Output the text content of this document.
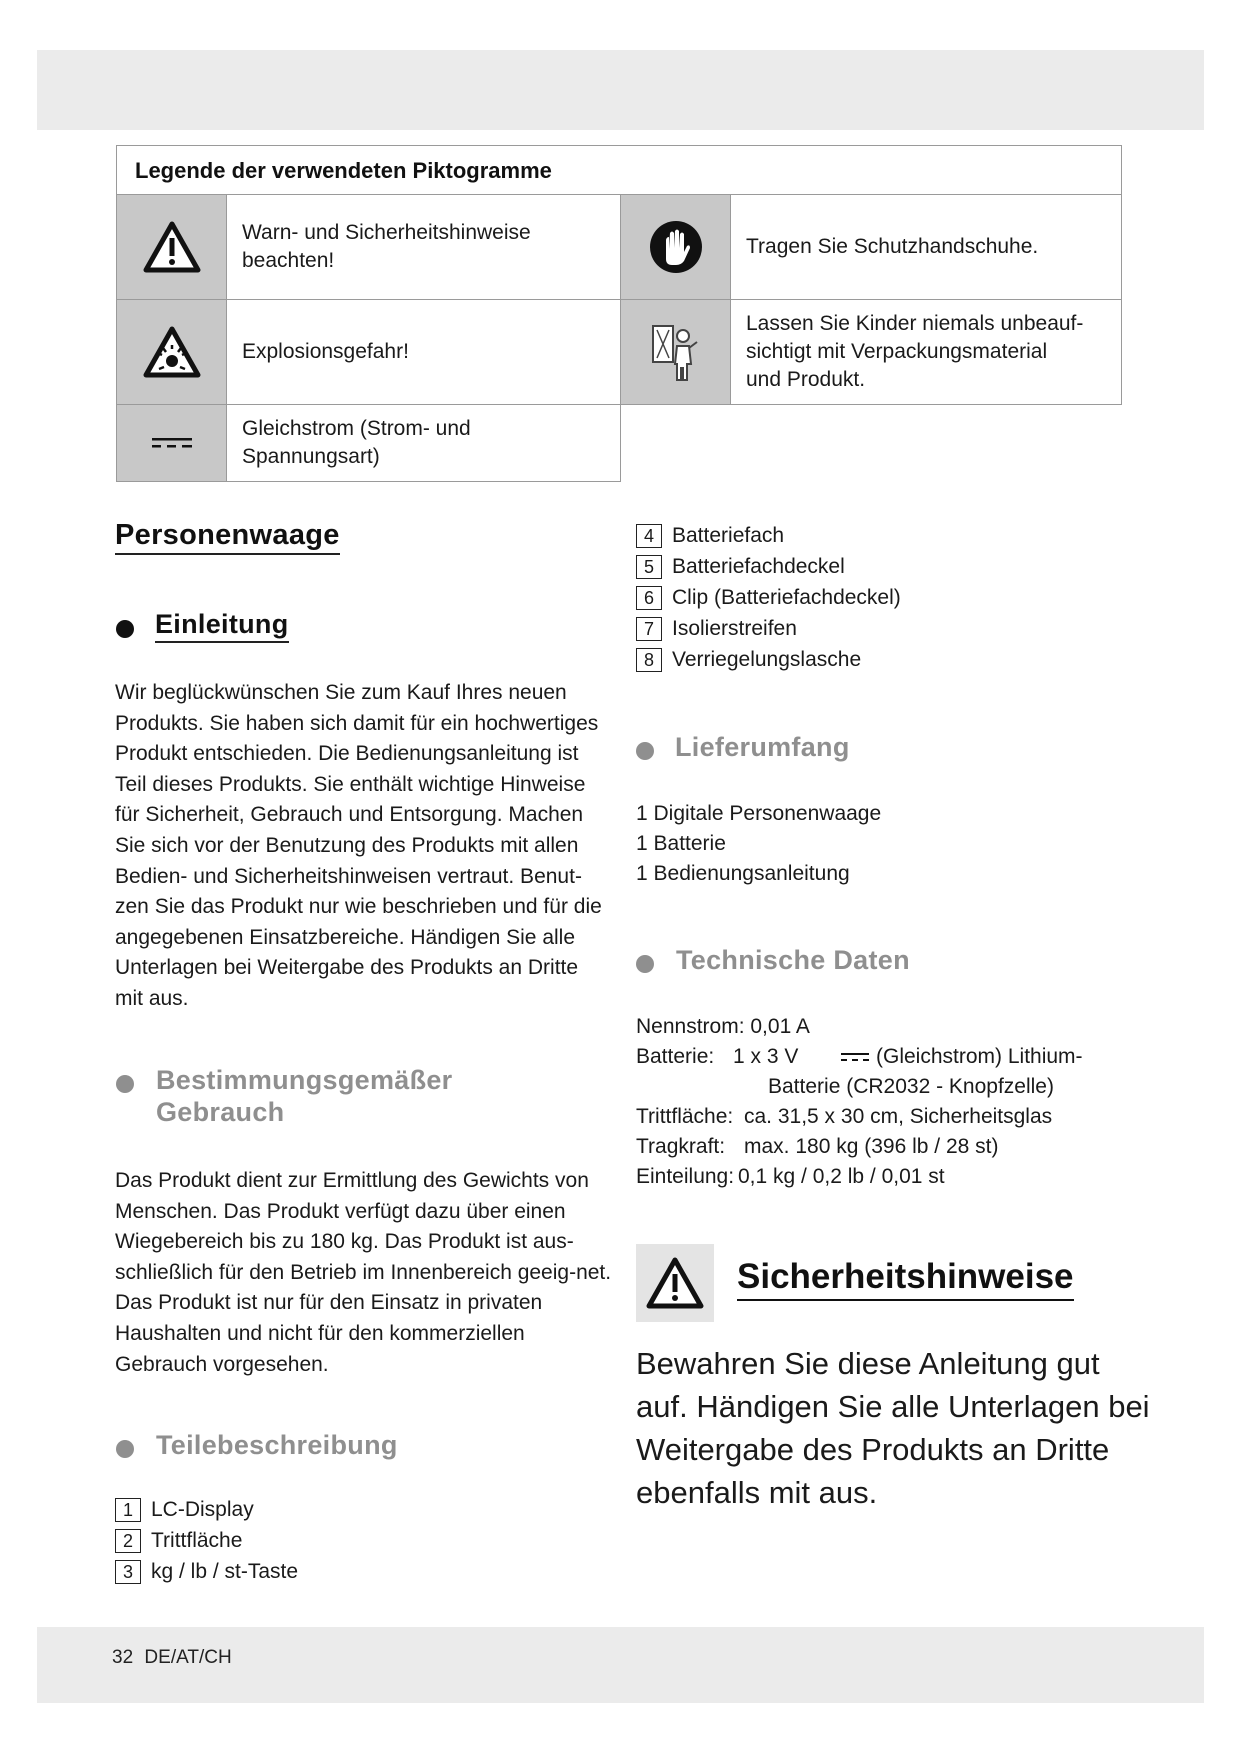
Legende der verwendeten Piktogramme
Warn- und Sicherheitshinweise beachten!
Tragen Sie Schutzhandschuhe.
Explosionsgefahr!
Lassen Sie Kinder niemals unbeauf-sichtigt mit Verpackungsmaterial und Produkt.
Gleichstrom (Strom- und Spannungsart)
Personenwaage
Einleitung

Wir beglückwünschen Sie zum Kauf Ihres neuen Produkts. Sie haben sich damit für ein hochwertiges Produkt entschieden. Die Bedienungsanleitung ist Teil dieses Produkts. Sie enthält wichtige Hinweise für Sicherheit, Gebrauch und Entsorgung. Machen Sie sich vor der Benutzung des Produkts mit allen Bedien- und Sicherheitshinweisen vertraut. Benut-zen Sie das Produkt nur wie beschrieben und für die angegebenen Einsatzbereiche. Händigen Sie alle Unterlagen bei Weitergabe des Produkts an Dritte mit aus.

Bestimmungsgemäßer
Gebrauch

Das Produkt dient zur Ermittlung des Gewichts von Menschen. Das Produkt verfügt dazu über einen Wiegebereich bis zu 180 kg. Das Produkt ist aus-schließlich für den Betrieb im Innenbereich geeig-net. Das Produkt ist nur für den Einsatz in privaten Haushalten und nicht für den kommerziellen Gebrauch vorgesehen.

Teilebeschreibung
1 LC-Display
2 Trittfläche
3 kg / lb / st-Taste
4 Batteriefach
5 Batteriefachdeckel
6 Clip (Batteriefachdeckel)
7 Isolierstreifen
8 Verriegelungslasche
Lieferumfang
1 Digitale Personenwaage
1 Batterie
1 Bedienungsanleitung
Technische Daten
Nennstrom: 0,01 A
Batterie: 1 x 3 V	(Gleichstrom) Lithium-
Batterie (CR2032 - Knopfzelle)
Trittfläche: ca. 31,5 x 30 cm, Sicherheitsglas
Tragkraft: max. 180 kg (396 lb / 28 st)
Einteilung: 0,1 kg / 0,2 lb / 0,01 st
Sicherheitshinweise

Bewahren Sie diese Anleitung gut auf. Händigen Sie alle Unterlagen bei Weitergabe des Produkts an Dritte ebenfalls mit aus.

32 DE/AT/CH
